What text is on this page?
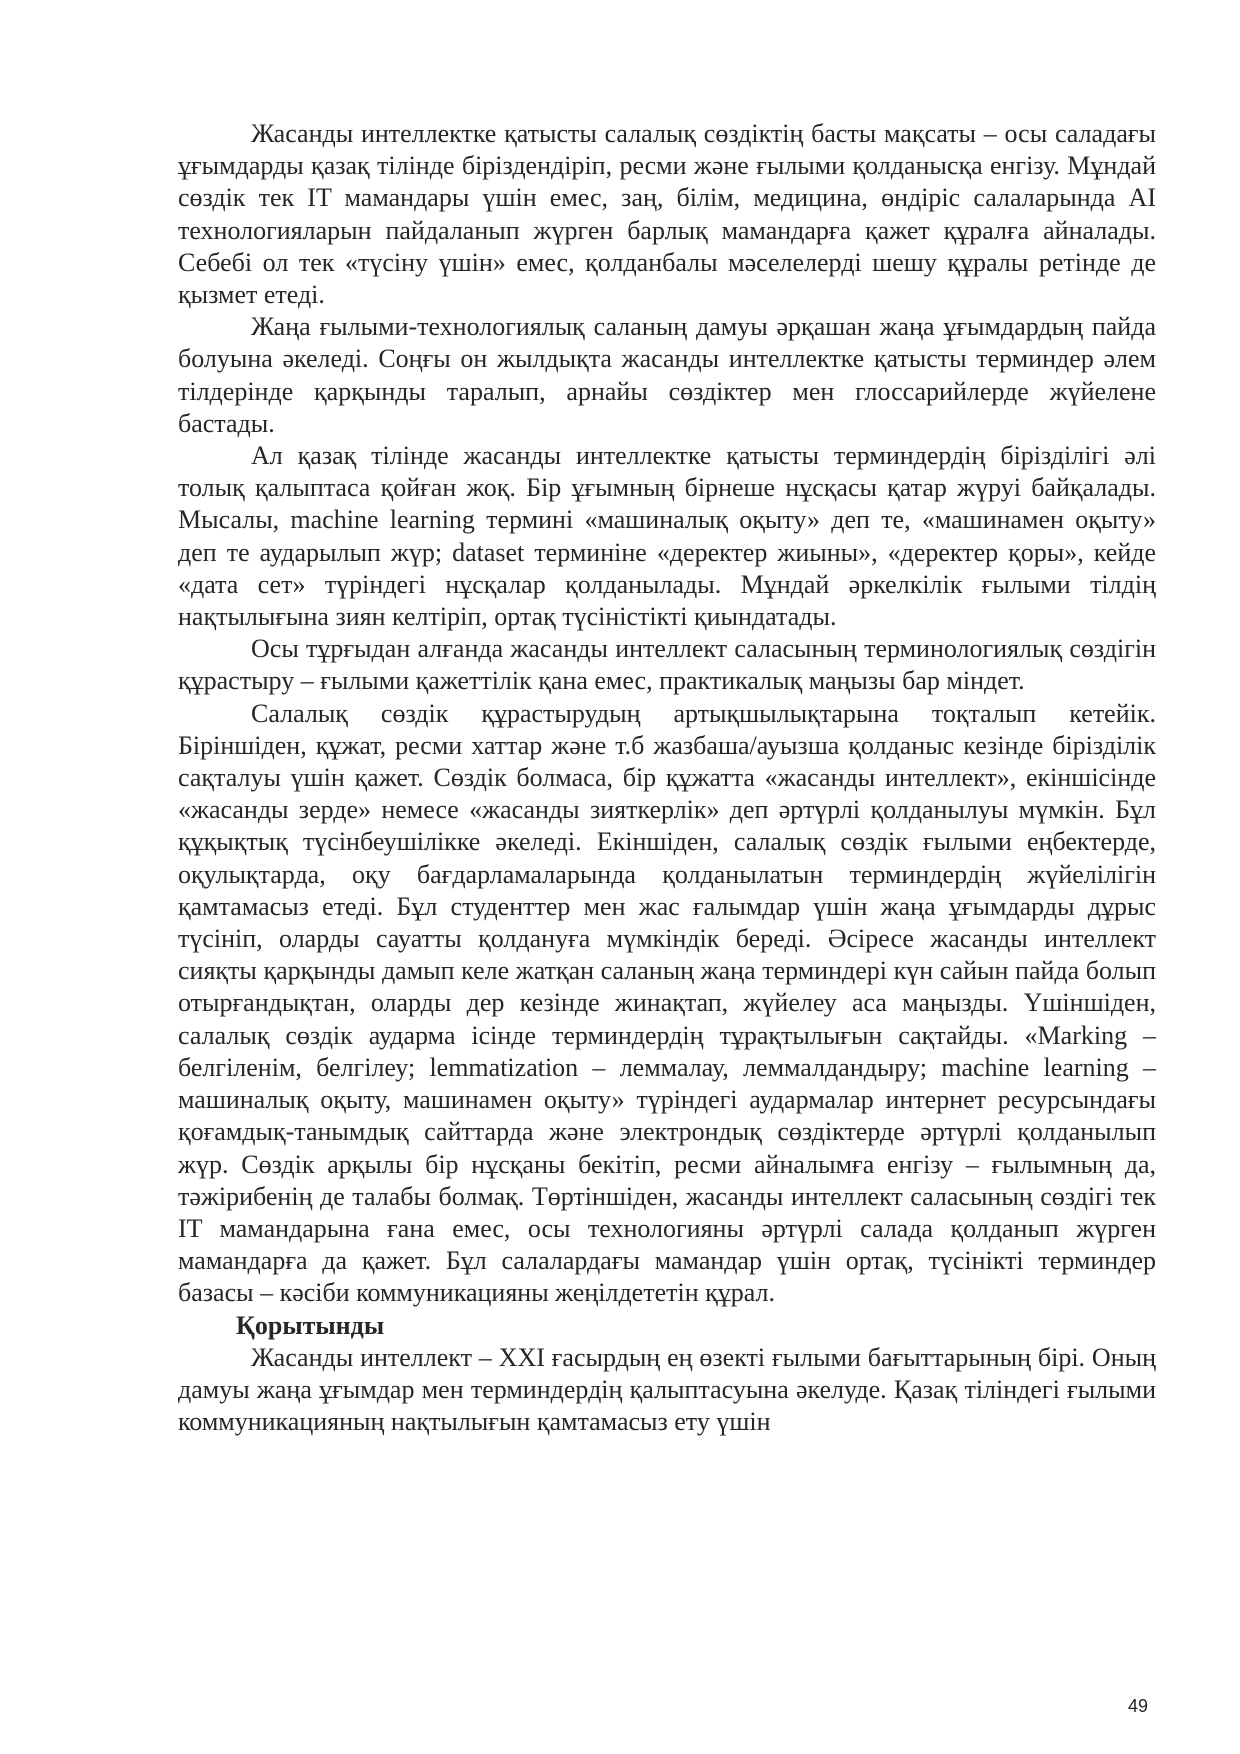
Жасанды интеллектке қатысты салалық сөздіктің басты мақсаты – осы саладағы ұғымдарды қазақ тілінде біріздендіріп, ресми және ғылыми қолданысқа енгізу. Мұндай сөздік тек IT мамандары үшін емес, заң, білім, медицина, өндіріс салаларында AI технологияларын пайдаланып жүрген барлық мамандарға қажет құралға айналады. Себебі ол тек «түсіну үшін» емес, қолданбалы мәселелерді шешу құралы ретінде де қызмет етеді.

Жаңа ғылыми-технологиялық саланың дамуы әрқашан жаңа ұғымдардың пайда болуына әкеледі. Соңғы он жылдықта жасанды интеллектке қатысты терминдер әлем тілдерінде қарқынды таралып, арнайы сөздіктер мен глоссарийлерде жүйелене бастады.

Ал қазақ тілінде жасанды интеллектке қатысты терминдердің бірізділігі әлі толық қалыптаса қойған жоқ. Бір ұғымның бірнеше нұсқасы қатар жүруі байқалады. Мысалы, machine learning термині «машиналық оқыту» деп те, «машинамен оқыту» деп те аударылып жүр; dataset терминіне «деректер жиыны», «деректер қоры», кейде «дата сет» түріндегі нұсқалар қолданылады. Мұндай әркелкілік ғылыми тілдің нақтылығына зиян келтіріп, ортақ түсіністікті қиындатады.

Осы тұрғыдан алғанда жасанды интеллект саласының терминологиялық сөздігін құрастыру – ғылыми қажеттілік қана емес, практикалық маңызы бар міндет.

Салалық сөздік құрастырудың артықшылықтарына тоқталып кетейік. Біріншіден, құжат, ресми хаттар және т.б жазбаша/ауызша қолданыс кезінде бірізділік сақталуы үшін қажет. Сөздік болмаса, бір құжатта «жасанды интеллект», екіншісінде «жасанды зерде» немесе «жасанды зияткерлік» деп әртүрлі қолданылуы мүмкін. Бұл құқықтық түсінбеушілікке әкеледі. Екіншіден, салалық сөздік ғылыми еңбектерде, оқулықтарда, оқу бағдарламаларында қолданылатын терминдердің жүйелілігін қамтамасыз етеді. Бұл студенттер мен жас ғалымдар үшін жаңа ұғымдарды дұрыс түсініп, оларды сауатты қолдануға мүмкіндік береді. Әсіресе жасанды интеллект сияқты қарқынды дамып келе жатқан саланың жаңа терминдері күн сайын пайда болып отырғандықтан, оларды дер кезінде жинақтап, жүйелеу аса маңызды. Үшіншіден, салалық сөздік аударма ісінде терминдердің тұрақтылығын сақтайды. «Marking – белгіленім, белгілеу; lemmatization – леммалау, леммалдандыру; machine learning – машиналық оқыту, машинамен оқыту» түріндегі аудармалар интернет ресурсындағы қоғамдық-танымдық сайттарда және электрондық сөздіктерде әртүрлі қолданылып жүр. Сөздік арқылы бір нұсқаны бекітіп, ресми айналымға енгізу – ғылымның да, тәжірибенің де талабы болмақ. Төртіншіден, жасанды интеллект саласының сөздігі тек IT мамандарына ғана емес, осы технологияны әртүрлі салада қолданып жүрген мамандарға да қажет. Бұл салалардағы мамандар үшін ортақ, түсінікті терминдер базасы – кәсіби коммуникацияны жеңілдететін құрал.

Қорытынды

Жасанды интеллект – XXI ғасырдың ең өзекті ғылыми бағыттарының бірі. Оның дамуы жаңа ұғымдар мен терминдердің қалыптасуына әкелуде. Қазақ тіліндегі ғылыми коммуникацияның нақтылығын қамтамасыз ету үшін

49
